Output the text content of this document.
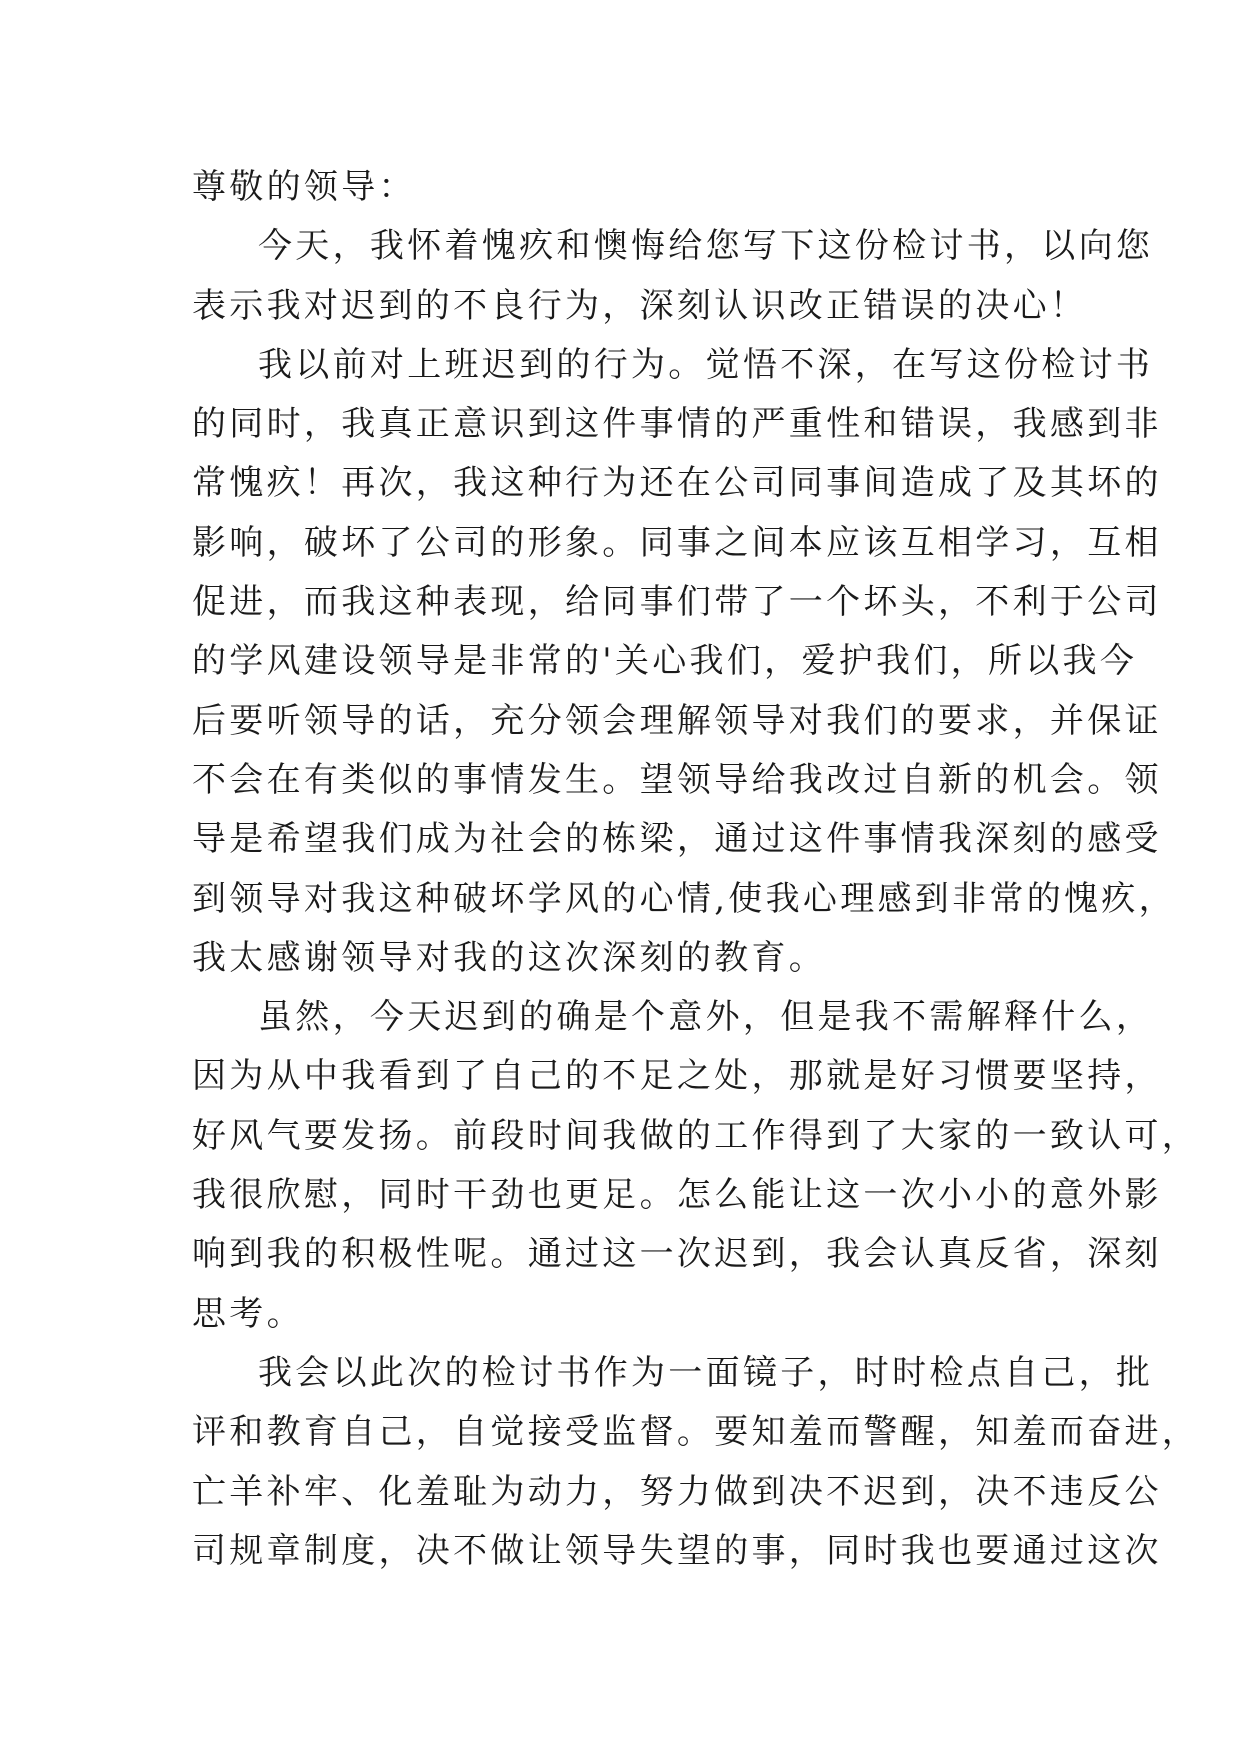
尊敬的领导：

今天，我怀着愧疚和懊悔给您写下这份检讨书，以向您
表示我对迟到的不良行为，深刻认识改正错误的决心！

我以前对上班迟到的行为。觉悟不深，在写这份检讨书
的同时，我真正意识到这件事情的严重性和错误，我感到非
常愧疚！再次，我这种行为还在公司同事间造成了及其坏的
影响，破坏了公司的形象。同事之间本应该互相学习，互相
促进，而我这种表现，给同事们带了一个坏头，不利于公司
的学风建设领导是非常的'关心我们，爱护我们，所以我今
后要听领导的话，充分领会理解领导对我们的要求，并保证
不会在有类似的事情发生。望领导给我改过自新的机会。领
导是希望我们成为社会的栋梁，通过这件事情我深刻的感受
到领导对我这种破坏学风的心情,使我心理感到非常的愧疚，
我太感谢领导对我的这次深刻的教育。

虽然，今天迟到的确是个意外，但是我不需解释什么，
因为从中我看到了自己的不足之处，那就是好习惯要坚持，
好风气要发扬。前段时间我做的工作得到了大家的一致认可，
我很欣慰，同时干劲也更足。怎么能让这一次小小的意外影
响到我的积极性呢。通过这一次迟到，我会认真反省，深刻
思考。

我会以此次的检讨书作为一面镜子，时时检点自己，批
评和教育自己，自觉接受监督。要知羞而警醒，知羞而奋进，
亡羊补牢、化羞耻为动力，努力做到决不迟到，决不违反公
司规章制度，决不做让领导失望的事，同时我也要通过这次
